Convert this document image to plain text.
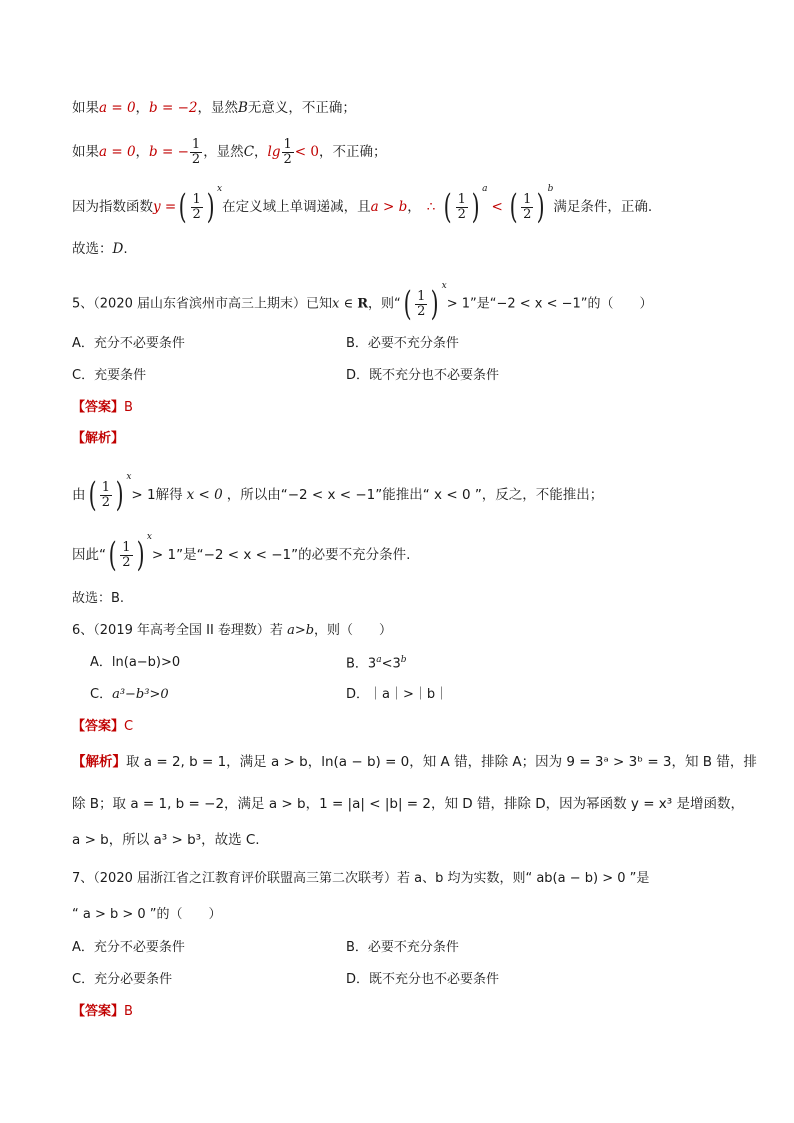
如果a = 0，b = −2，显然B无意义，不正确；
如果a = 0，b = − $\frac{1}{2}$ ，显然C，$\lg \frac{1}{2} < 0$，不正确；
因为指数函数y = ( $\frac{1}{2}$ ) x
在定义域上单调递减，且a > b， ∴ ( $\frac{1}{2}$ ) a
< ( $\frac{1}{2}$ ) b
满足条件，正确.
故选：D.
5、（2020 届山东省滨州市高三上期末）已知x ∈ R，则“ ( $\frac{1}{2}$ ) x
> 1”是“−2 < x < −1”的（　　）
A．充分不必要条件	B．必要不充分条件
C．充要条件	D．既不充分也不必要条件
【答案】B
【解析】
由 ( $\frac{1}{2}$ ) x
> 1解得 x < 0 ，所以由“−2 < x < −1”能推出“ x < 0 ”，反之，不能推出；
因此“ ( $\frac{1}{2}$ ) x
> 1”是“−2 < x < −1”的必要不充分条件.
故选：B.
6、（2019 年高考全国 II 卷理数）若 a>b，则（　　）
A．ln(a−b)>0	B．$3^a<3^b$
C．a³−b³>0	D．｜a｜>｜b｜
【答案】C
【解析】取 a = 2, b = 1，满足 a > b，ln(a − b) = 0，知 A 错，排除 A；因为 9 = 3ᵃ > 3ᵇ = 3，知 B 错，排
除 B；取 a = 1, b = −2，满足 a > b，1 = |a| < |b| = 2，知 D 错，排除 D，因为幂函数 y = x³ 是增函数，
a > b，所以 a³ > b³，故选 C.
7、（2020 届浙江省之江教育评价联盟高三第二次联考）若 a、b 均为实数，则“ ab(a − b) > 0 ”是
“ a > b > 0 ”的（　　）
A．充分不必要条件	B．必要不充分条件
C．充分必要条件	D．既不充分也不必要条件
【答案】B
